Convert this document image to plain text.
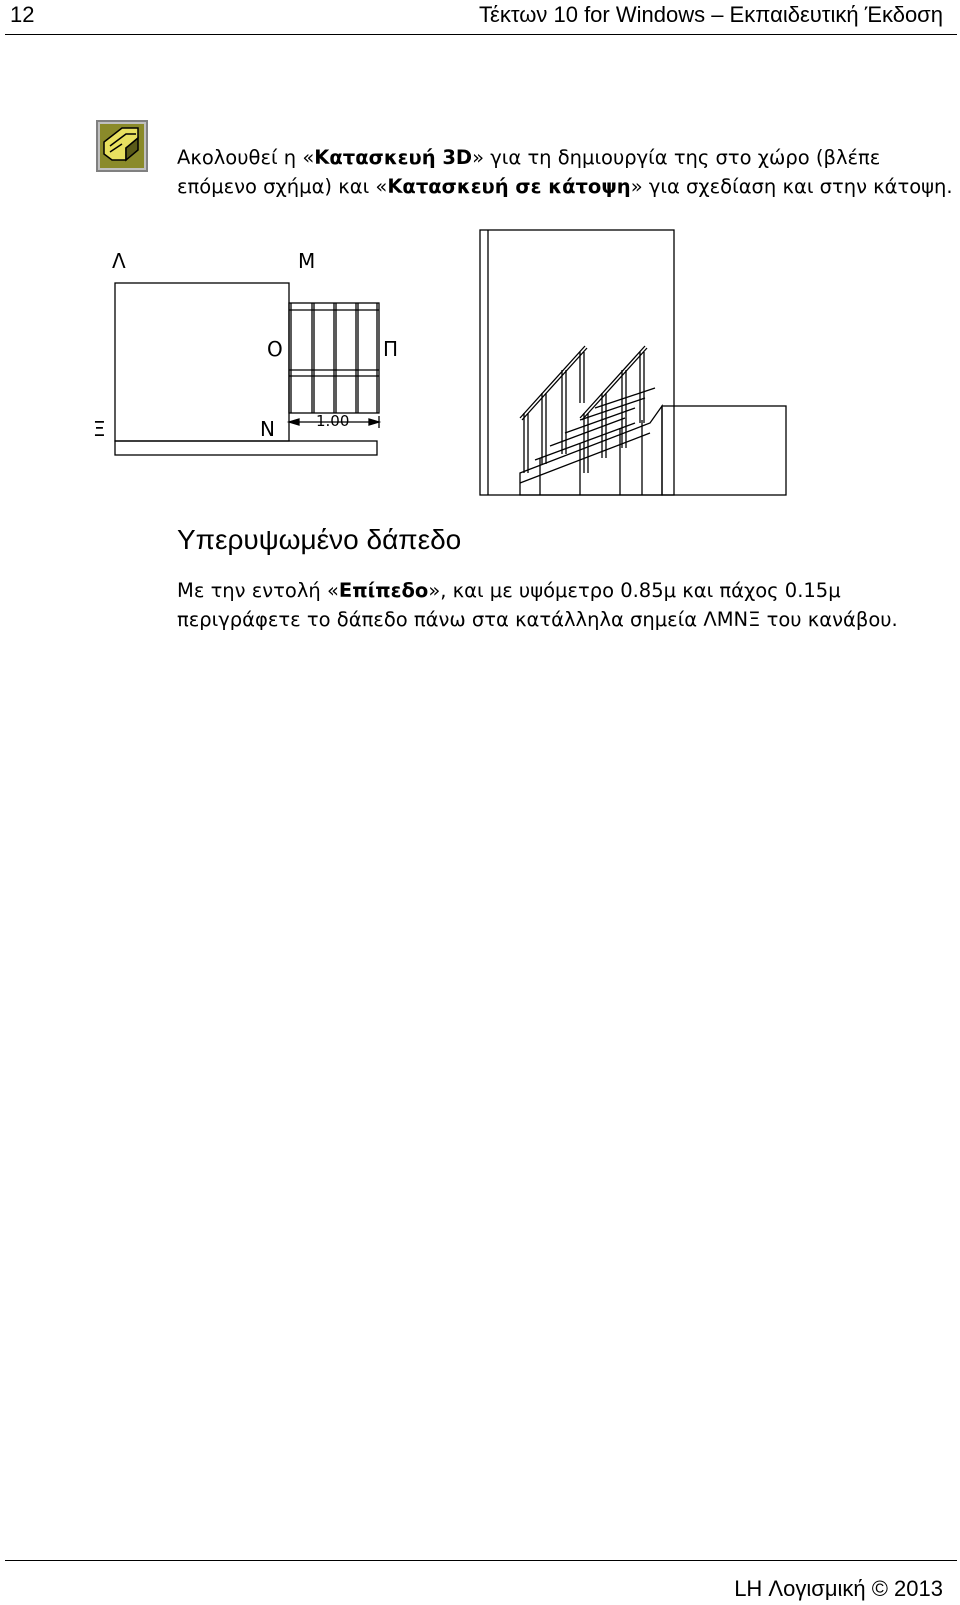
12	Τέκτων 10 for Windows – Εκπαιδευτική Έκδοση
Ακολουθεί η «Κατασκευή 3D» για τη δημιουργία της στο χώρο (βλέπε επόμενο σχήμα) και «Κατασκευή σε κάτοψη» για σχεδίαση και στην κάτοψη.
Λ	Μ
Ο	Π
Ξ	Ν	1.00
Υπερυψωμένο δάπεδο
Με την εντολή «Επίπεδο», και με υψόμετρο 0.85μ και πάχος 0.15μ περιγράφετε το δάπεδο πάνω στα κατάλληλα σημεία ΛΜΝΞ του κανάβου.
LH Λογισμική © 2013
